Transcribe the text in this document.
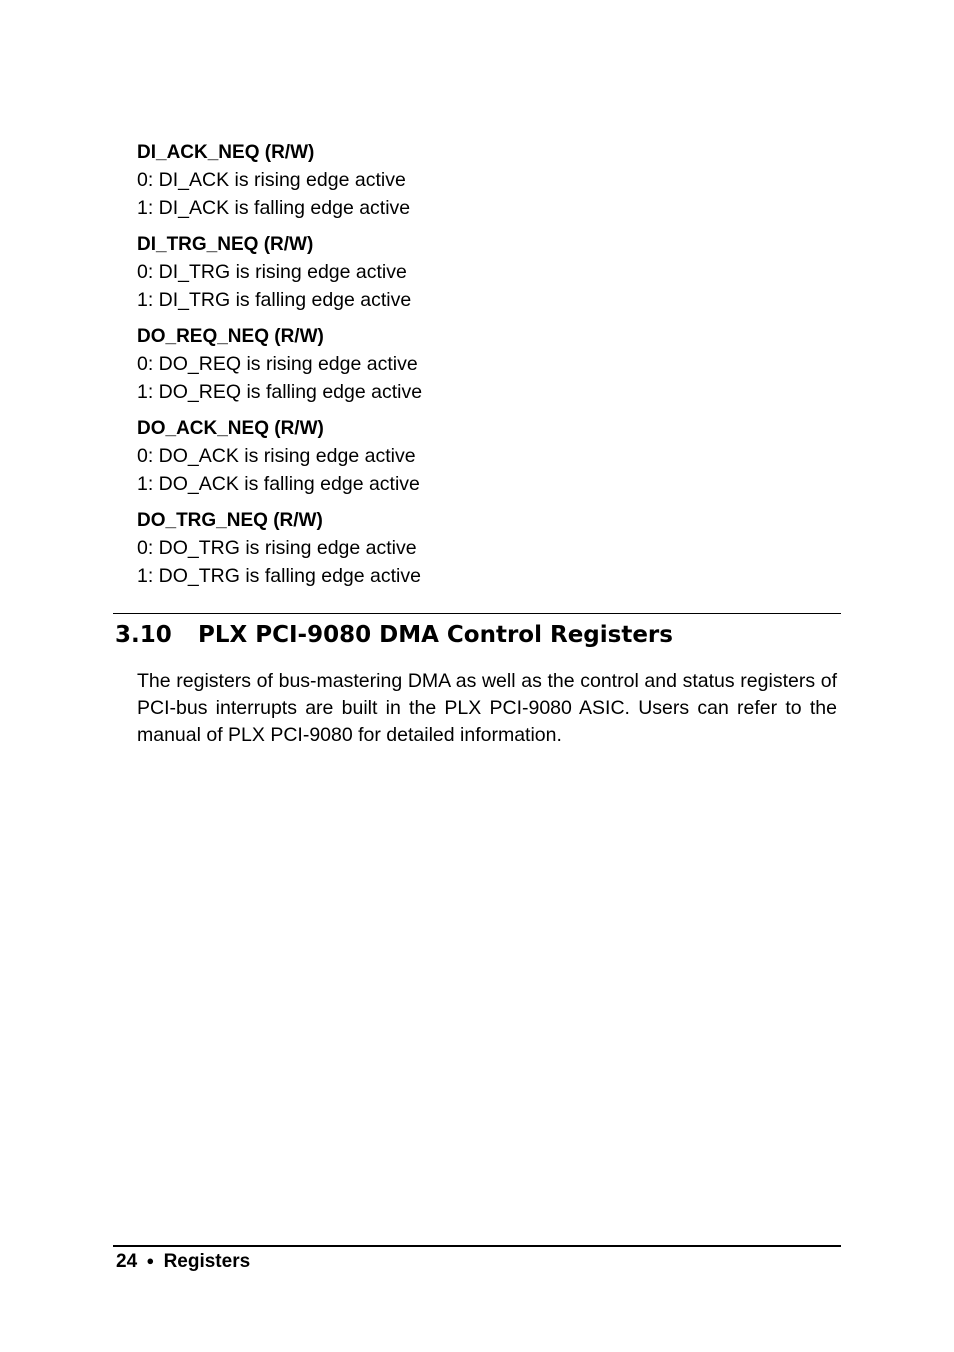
DI_ACK_NEQ (R/W)
0: DI_ACK is rising edge active
1: DI_ACK is falling edge active
DI_TRG_NEQ (R/W)
0: DI_TRG is rising edge active
1: DI_TRG is falling edge active
DO_REQ_NEQ (R/W)
0: DO_REQ is rising edge active
1: DO_REQ is falling edge active
DO_ACK_NEQ (R/W)
0: DO_ACK is rising edge active
1: DO_ACK is falling edge active
DO_TRG_NEQ (R/W)
0: DO_TRG is rising edge active
1: DO_TRG is falling edge active
3.10 PLX PCI-9080 DMA Control Registers

The registers of bus-mastering DMA as well as the control and status registers of PCI-bus interrupts are built in the PLX PCI-9080 ASIC. Users can refer to the manual of PLX PCI-9080 for detailed information.

24 ● Registers
